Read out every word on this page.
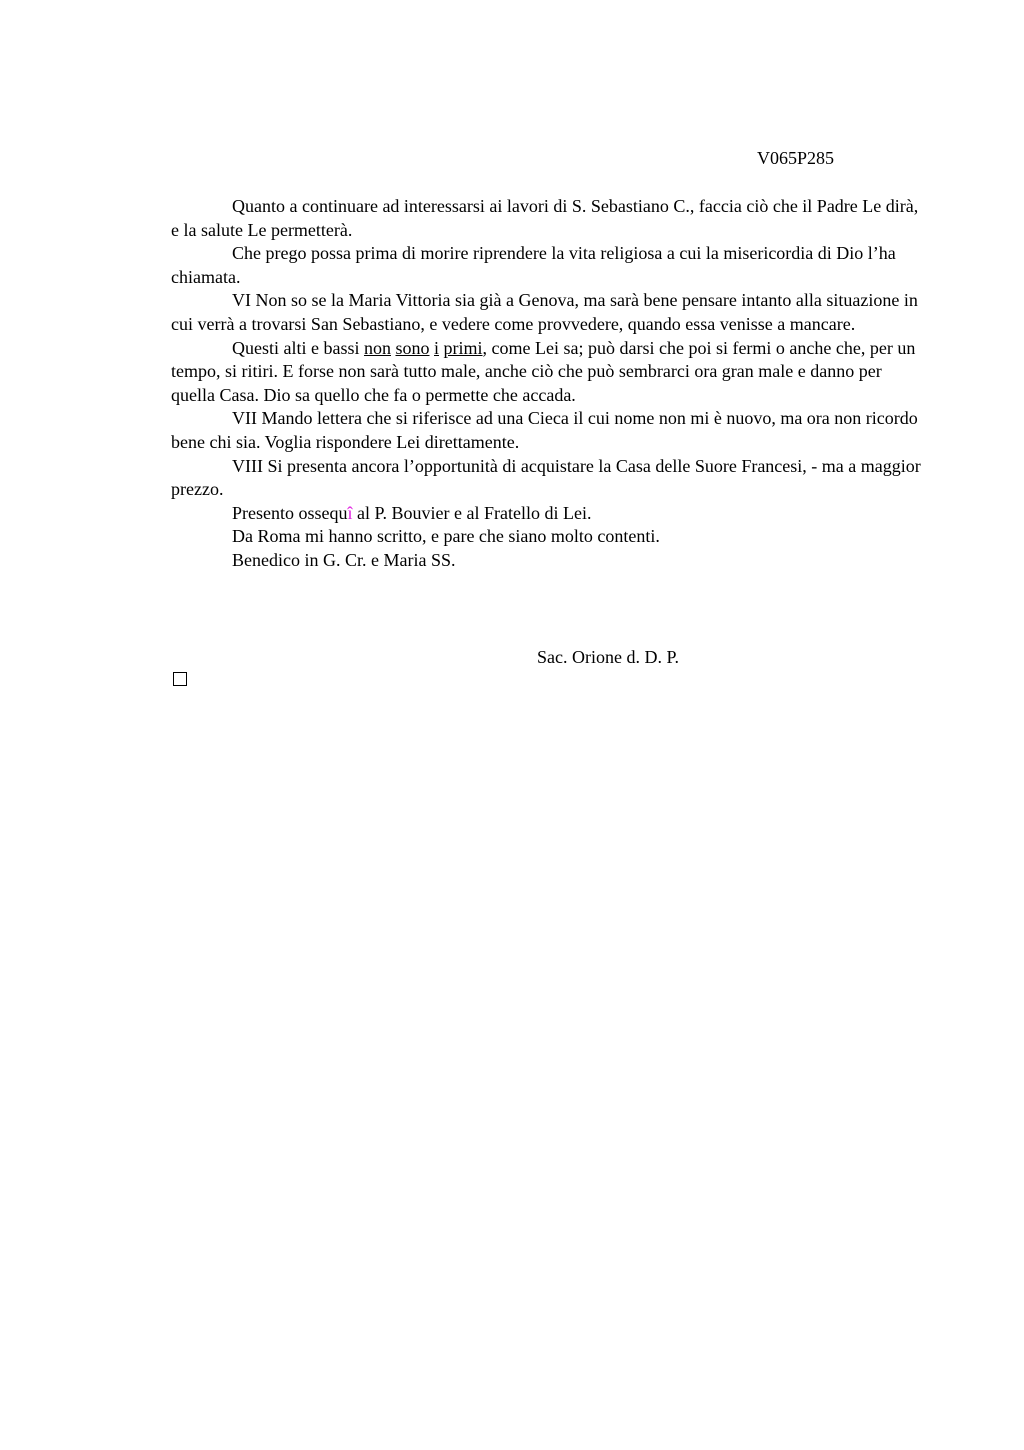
V065P285

Quanto a continuare ad interessarsi ai lavori di S. Sebastiano C., faccia ciò che il Padre Le dirà, e la salute Le permetterà.

Che prego possa prima di morire riprendere la vita religiosa a cui la misericordia di Dio l’ha chiamata.

VI Non so se la Maria Vittoria sia già a Genova, ma sarà bene pensare intanto alla situazione in cui verrà a trovarsi San Sebastiano, e vedere come provvedere, quando essa venisse a mancare.

Questi alti e bassi non sono i primi, come Lei sa; può darsi che poi si fermi o anche che, per un tempo, si ritiri. E forse non sarà tutto male, anche ciò che può sembrarci ora gran male e danno per quella Casa. Dio sa quello che fa o permette che accada.

VII Mando lettera che si riferisce ad una Cieca il cui nome non mi è nuovo, ma ora non ricordo bene chi sia. Voglia rispondere Lei direttamente.

VIII Si presenta ancora l’opportunità di acquistare la Casa delle Suore Francesi, - ma a maggior prezzo.

Presento ossequî al P. Bouvier e al Fratello di Lei.

Da Roma mi hanno scritto, e pare che siano molto contenti.

Benedico in G. Cr. e Maria SS.

Sac. Orione d. D. P.
